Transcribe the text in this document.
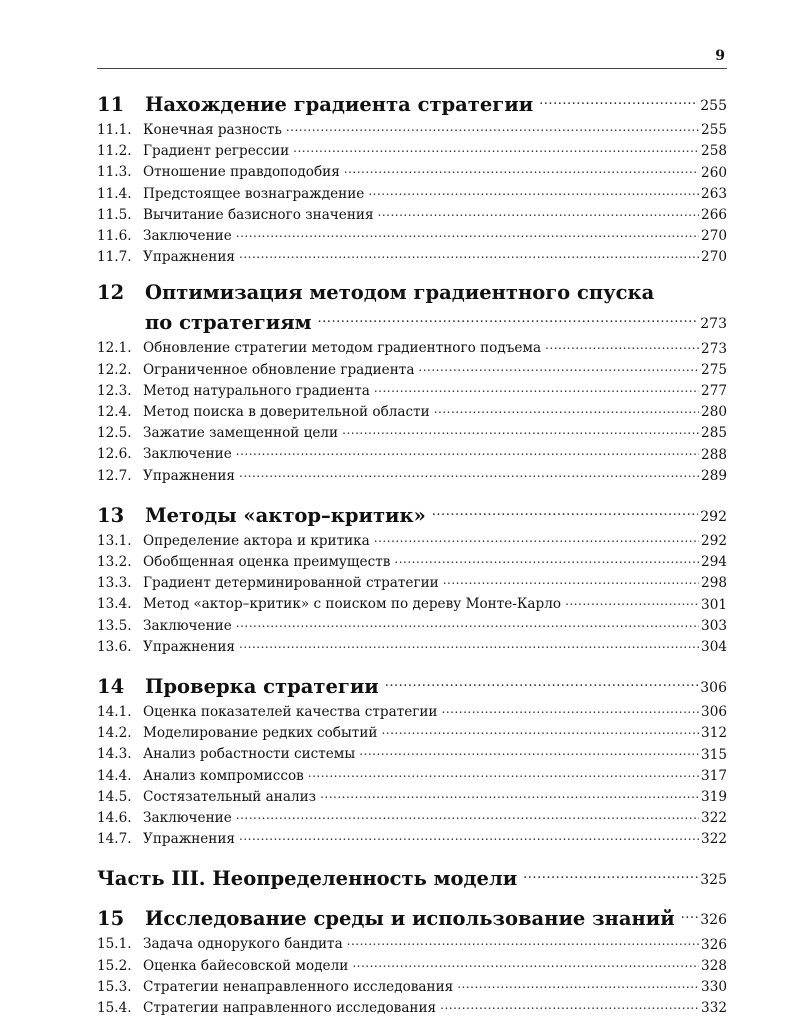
9
11	Нахождение градиента стратегии .....	255
11.1. Конечная разность .....	255
11.2. Градиент регрессии .....	258
11.3. Отношение правдоподобия .....	260
11.4. Предстоящее вознаграждение .....	263
11.5. Вычитание базисного значения .....	266
11.6. Заключение .....	270
11.7. Упражнения .....	270
12 Оптимизация методом градиентного спуска
по стратегиям .....	273
12.1. Обновление стратегии методом градиентного подъема .....	273
12.2. Ограниченное обновление градиента .....	275
12.3. Метод натурального градиента .....	277
12.4. Метод поиска в доверительной области .....	280
12.5. Зажатие замещенной цели .....	285
12.6. Заключение .....	288
12.7. Упражнения .....	289
13	Методы «актор–критик» .....	292
13.1. Определение актора и критика .....	292
13.2. Обобщенная оценка преимуществ .....	294
13.3. Градиент детерминированной стратегии .....	298
13.4. Метод «актор–критик» с поиском по дереву Монте-Карло .....	301
13.5. Заключение .....	303
13.6. Упражнения .....	304
14	Проверка стратегии .....	306
14.1. Оценка показателей качества стратегии .....	306
14.2. Моделирование редких событий .....	312
14.3. Анализ робастности системы .....	315
14.4. Анализ компромиссов .....	317
14.5. Состязательный анализ .....	319
14.6. Заключение .....	322
14.7. Упражнения .....	322
Часть III. Неопределенность модели .....	325
15	Исследование среды и использование знаний ..... 326
15.1. Задача однорукого бандита .....	326
15.2. Оценка байесовской модели .....	328
15.3. Стратегии ненаправленного исследования .....	330
15.4. Стратегии направленного исследования .....	332
